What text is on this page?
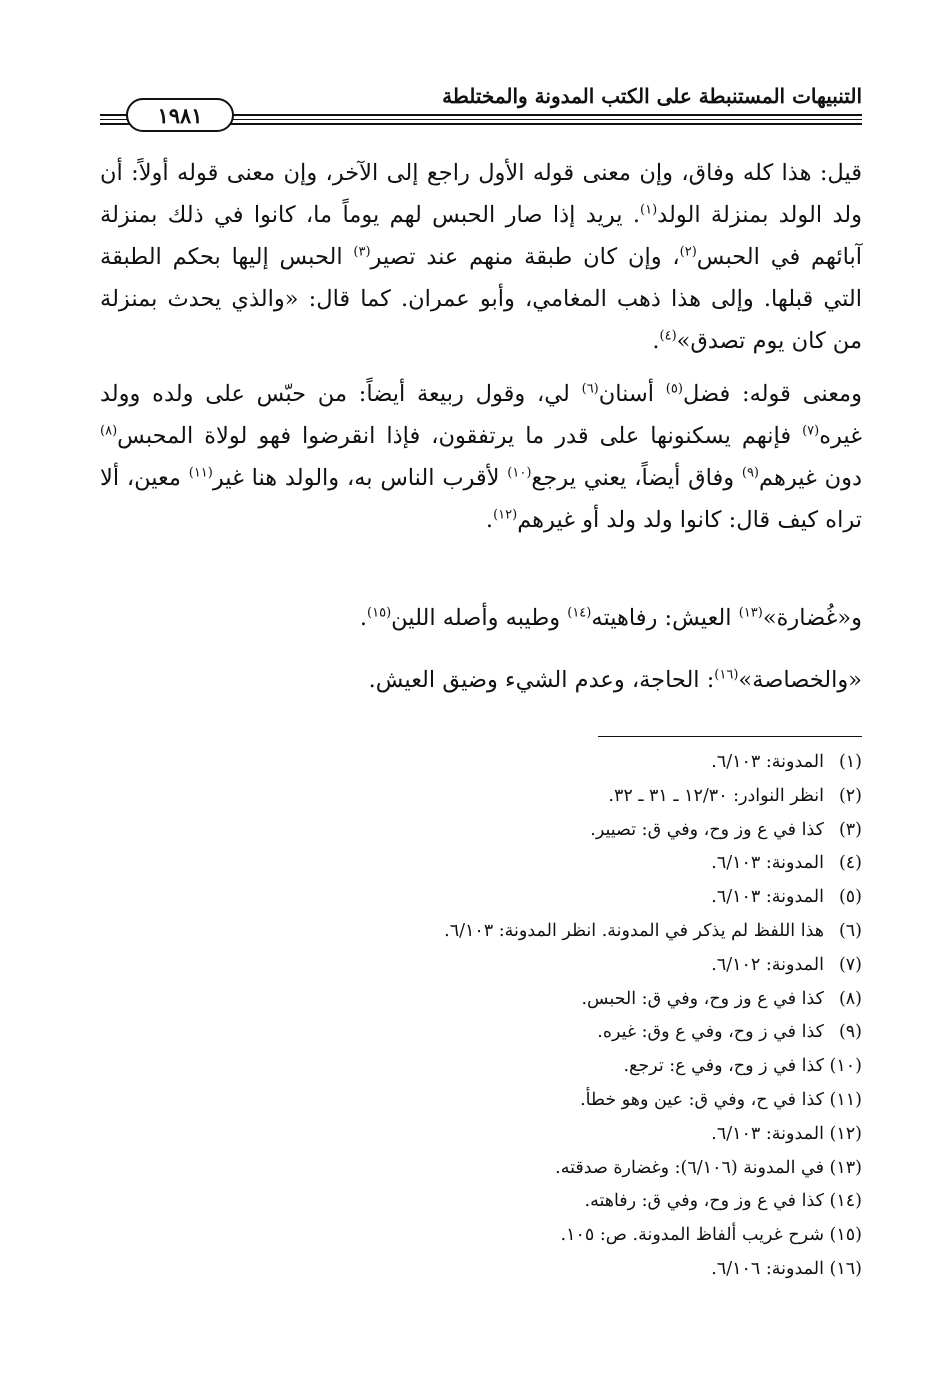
التنبيهات المستنبطة على الكتب المدونة والمختلطة
١٩٨١

قيل: هذا كله وفاق، وإن معنى قوله الأول راجع إلى الآخر، وإن معنى قوله أولاً: أن ولد الولد بمنزلة الولد$^{(١)}$. يريد إذا صار الحبس لهم يوماً ما، كانوا في ذلك بمنزلة آبائهم في الحبس$^{(٢)}$، وإن كان طبقة منهم عند تصير$^{(٣)}$ الحبس إليها بحكم الطبقة التي قبلها. وإلى هذا ذهب المغامي، وأبو عمران. كما قال: «والذي يحدث بمنزلة من كان يوم تصدق»$^{(٤)}$.

ومعنى قوله: فضل$^{(٥)}$ أسنان$^{(٦)}$ لي، وقول ربيعة أيضاً: من حبّس على ولده وولد غيره$^{(٧)}$ فإنهم يسكنونها على قدر ما يرتفقون، فإذا انقرضوا فهو لولاة المحبس$^{(٨)}$ دون غيرهم$^{(٩)}$ وفاق أيضاً، يعني يرجع$^{(١٠)}$ لأقرب الناس به، والولد هنا غير$^{(١١)}$ معين، ألا تراه كيف قال: كانوا ولد ولد أو غيرهم$^{(١٢)}$.

و«غُضارة»$^{(١٣)}$ العيش: رفاهيته$^{(١٤)}$ وطيبه وأصله اللين$^{(١٥)}$.

«والخصاصة»$^{(١٦)}$: الحاجة، وعدم الشيء وضيق العيش.

(١)
المدونة: ٦/١٠٣.
(٢)
انظر النوادر: ١٢/٣٠ ـ ٣١ ـ ٣٢.
(٣)
كذا في ع وز وح، وفي ق: تصيير.
(٤)
المدونة: ٦/١٠٣.
(٥)
المدونة: ٦/١٠٣.
(٦)
هذا اللفظ لم يذكر في المدونة. انظر المدونة: ٦/١٠٣.
(٧)
المدونة: ٦/١٠٢.
(٨)
كذا في ع وز وح، وفي ق: الحبس.
(٩)
كذا في ز وح، وفي ع وق: غيره.
(١٠)
كذا في ز وح، وفي ع: ترجع.
(١١)
كذا في ح، وفي ق: عين وهو خطأ.
(١٢)
المدونة: ٦/١٠٣.
(١٣)
في المدونة (٦/١٠٦): وغضارة صدقته.
(١٤)
كذا في ع وز وح، وفي ق: رفاهته.
(١٥)
شرح غريب ألفاظ المدونة. ص: ١٠٥.
(١٦)
المدونة: ٦/١٠٦.
